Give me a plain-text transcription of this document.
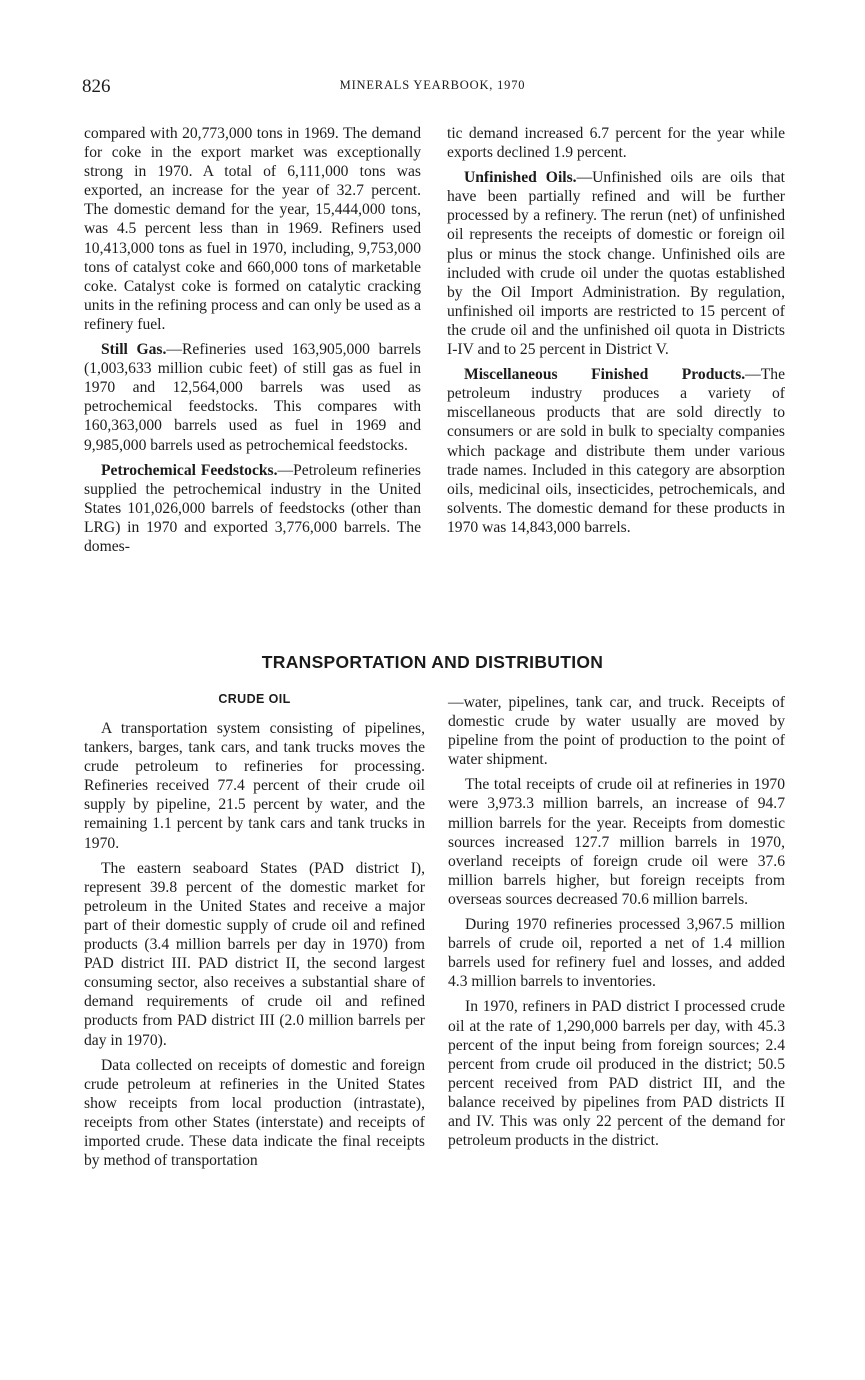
826	MINERALS YEARBOOK, 1970

compared with 20,773,000 tons in 1969. The demand for coke in the export market was exceptionally strong in 1970. A total of 6,111,000 tons was exported, an increase for the year of 32.7 percent. The domestic demand for the year, 15,444,000 tons, was 4.5 percent less than in 1969. Refiners used 10,413,000 tons as fuel in 1970, including, 9,753,000 tons of catalyst coke and 660,000 tons of marketable coke. Catalyst coke is formed on catalytic cracking units in the refining process and can only be used as a refinery fuel.

Still Gas.—Refineries used 163,905,000 barrels (1,003,633 million cubic feet) of still gas as fuel in 1970 and 12,564,000 barrels was used as petrochemical feedstocks. This compares with 160,363,000 barrels used as fuel in 1969 and 9,985,000 barrels used as petrochemical feedstocks.

Petrochemical Feedstocks.—Petroleum refineries supplied the petrochemical industry in the United States 101,026,000 barrels of feedstocks (other than LRG) in 1970 and exported 3,776,000 barrels. The domes-

tic demand increased 6.7 percent for the year while exports declined 1.9 percent.

Unfinished Oils.—Unfinished oils are oils that have been partially refined and will be further processed by a refinery. The rerun (net) of unfinished oil represents the receipts of domestic or foreign oil plus or minus the stock change. Unfinished oils are included with crude oil under the quotas established by the Oil Import Administration. By regulation, unfinished oil imports are restricted to 15 percent of the crude oil and the unfinished oil quota in Districts I-IV and to 25 percent in District V.

Miscellaneous Finished Products.—The petroleum industry produces a variety of miscellaneous products that are sold directly to consumers or are sold in bulk to specialty companies which package and distribute them under various trade names. Included in this category are absorption oils, medicinal oils, insecticides, petrochemicals, and solvents. The domestic demand for these products in 1970 was 14,843,000 barrels.

TRANSPORTATION AND DISTRIBUTION
CRUDE OIL

A transportation system consisting of pipelines, tankers, barges, tank cars, and tank trucks moves the crude petroleum to refineries for processing. Refineries received 77.4 percent of their crude oil supply by pipeline, 21.5 percent by water, and the remaining 1.1 percent by tank cars and tank trucks in 1970.

The eastern seaboard States (PAD district I), represent 39.8 percent of the domestic market for petroleum in the United States and receive a major part of their domestic supply of crude oil and refined products (3.4 million barrels per day in 1970) from PAD district III. PAD district II, the second largest consuming sector, also receives a substantial share of demand requirements of crude oil and refined products from PAD district III (2.0 million barrels per day in 1970).

Data collected on receipts of domestic and foreign crude petroleum at refineries in the United States show receipts from local production (intrastate), receipts from other States (interstate) and receipts of imported crude. These data indicate the final receipts by method of transportation

—water, pipelines, tank car, and truck. Receipts of domestic crude by water usually are moved by pipeline from the point of production to the point of water shipment.

The total receipts of crude oil at refineries in 1970 were 3,973.3 million barrels, an increase of 94.7 million barrels for the year. Receipts from domestic sources increased 127.7 million barrels in 1970, overland receipts of foreign crude oil were 37.6 million barrels higher, but foreign receipts from overseas sources decreased 70.6 million barrels.

During 1970 refineries processed 3,967.5 million barrels of crude oil, reported a net of 1.4 million barrels used for refinery fuel and losses, and added 4.3 million barrels to inventories.

In 1970, refiners in PAD district I processed crude oil at the rate of 1,290,000 barrels per day, with 45.3 percent of the input being from foreign sources; 2.4 percent from crude oil produced in the district; 50.5 percent received from PAD district III, and the balance received by pipelines from PAD districts II and IV. This was only 22 percent of the demand for petroleum products in the district.
